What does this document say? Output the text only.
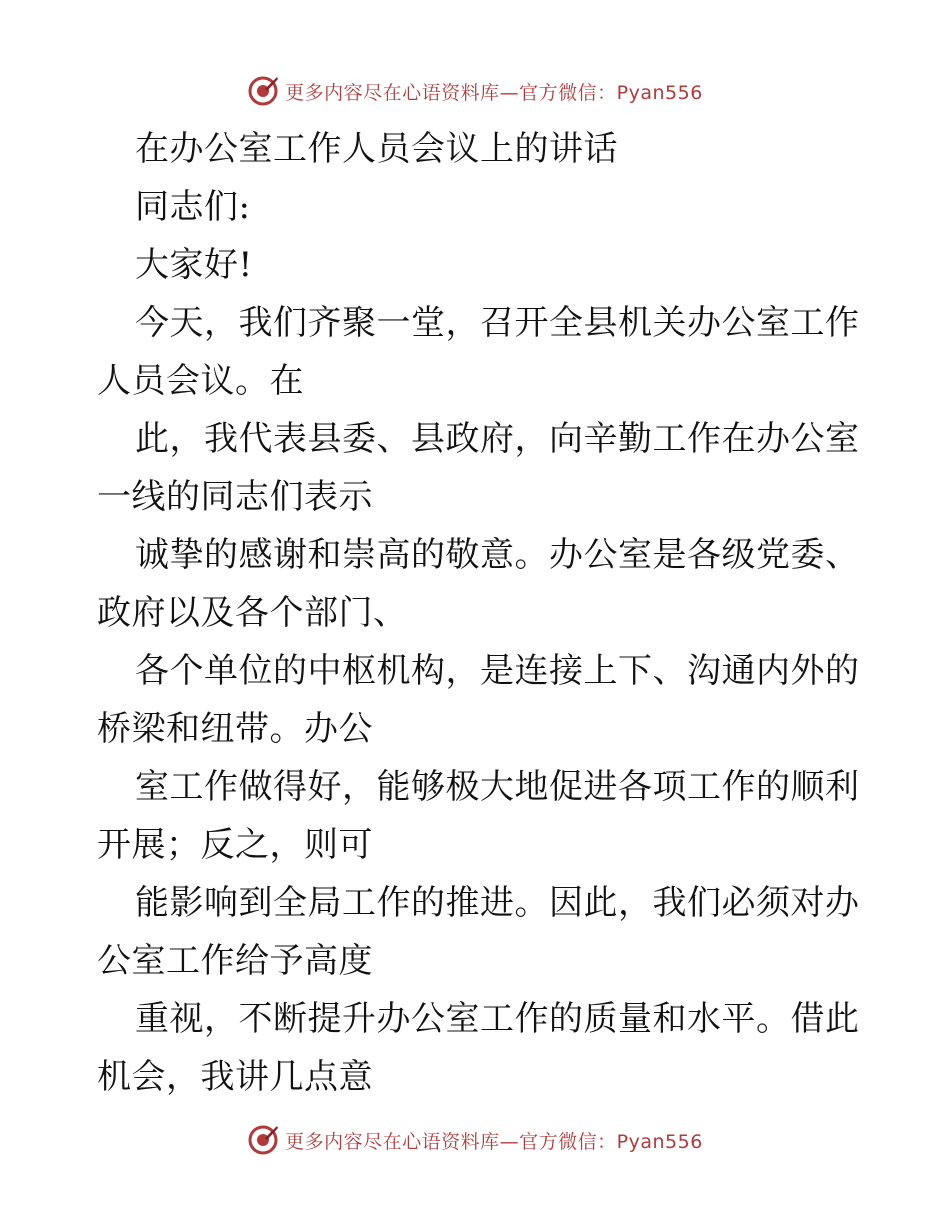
更多内容尽在心语资料库—官方微信：Pyan556

在办公室工作人员会议上的讲话

同志们:

大家好!

今天，我们齐聚一堂，召开全县机关办公室工作

人员会议。在

此，我代表县委、县政府，向辛勤工作在办公室

一线的同志们表示

诚挚的感谢和崇高的敬意。办公室是各级党委、

政府以及各个部门、

各个单位的中枢机构，是连接上下、沟通内外的

桥梁和纽带。办公

室工作做得好，能够极大地促进各项工作的顺利

开展；反之，则可

能影响到全局工作的推进。因此，我们必须对办

公室工作给予高度

重视，不断提升办公室工作的质量和水平。借此

机会，我讲几点意

更多内容尽在心语资料库—官方微信：Pyan556
